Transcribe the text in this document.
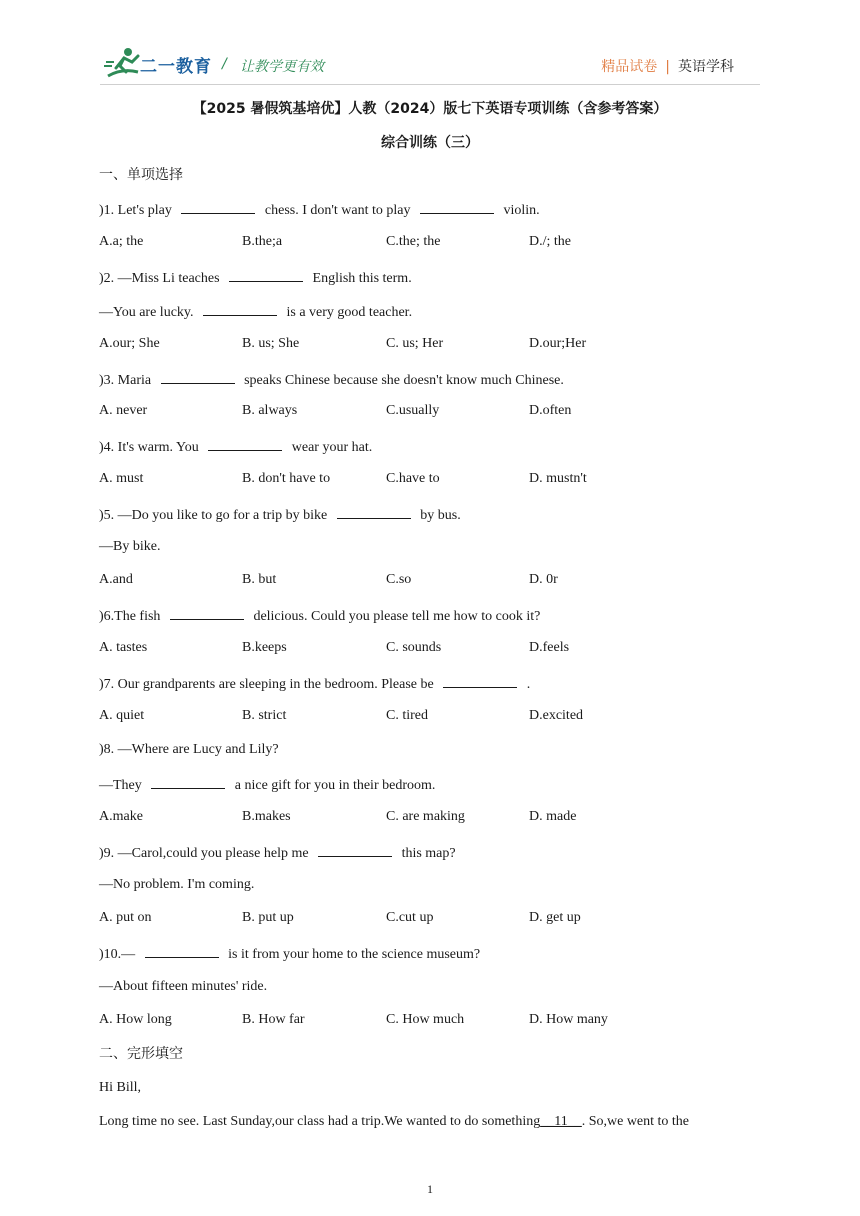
二一教育 / 让教学更有效	精品试卷 | 英语学科
【2025 暑假筑基培优】人教（2024）版七下英语专项训练（含参考答案）
综合训练（三）
一、单项选择
)1. Let's play	chess. I don't want to play	violin.
A.a; the	B.the;a	C.the; the	D./; the
)2. —Miss Li teaches	English this term.
—You are lucky.	is a very good teacher.
A.our; She	B. us; She	C. us; Her	D.our;Her
)3. Maria	speaks Chinese because she doesn't know much Chinese.
A. never	B. always	C.usually	D.often
)4. It's warm. You	wear your hat.
A. must	B. don't have to	C.have to	D. mustn't
)5. —Do you like to go for a trip by bike	by bus.
—By bike.
A.and	B. but	C.so	D. 0r
)6.The fish	delicious. Could you please tell me how to cook it?
A. tastes	B.keeps	C. sounds	D.feels
)7. Our grandparents are sleeping in the bedroom. Please be	.
A. quiet	B. strict	C. tired	D.excited
)8. —Where are Lucy and Lily?
—They	a nice gift for you in their bedroom.
A.make	B.makes	C. are making	D. made
)9. —Carol,could you please help me	this map?
—No problem. I'm coming.
A. put on	B. put up	C.cut up	D. get up
)10.—	is it from your home to the science museum?
—About fifteen minutes' ride.
A. How long	B. How far	C. How much	D. How many
二、完形填空
Hi Bill,
Long time no see. Last Sunday,our class had a trip.We wanted to do something__11__. So,we went to the
1
